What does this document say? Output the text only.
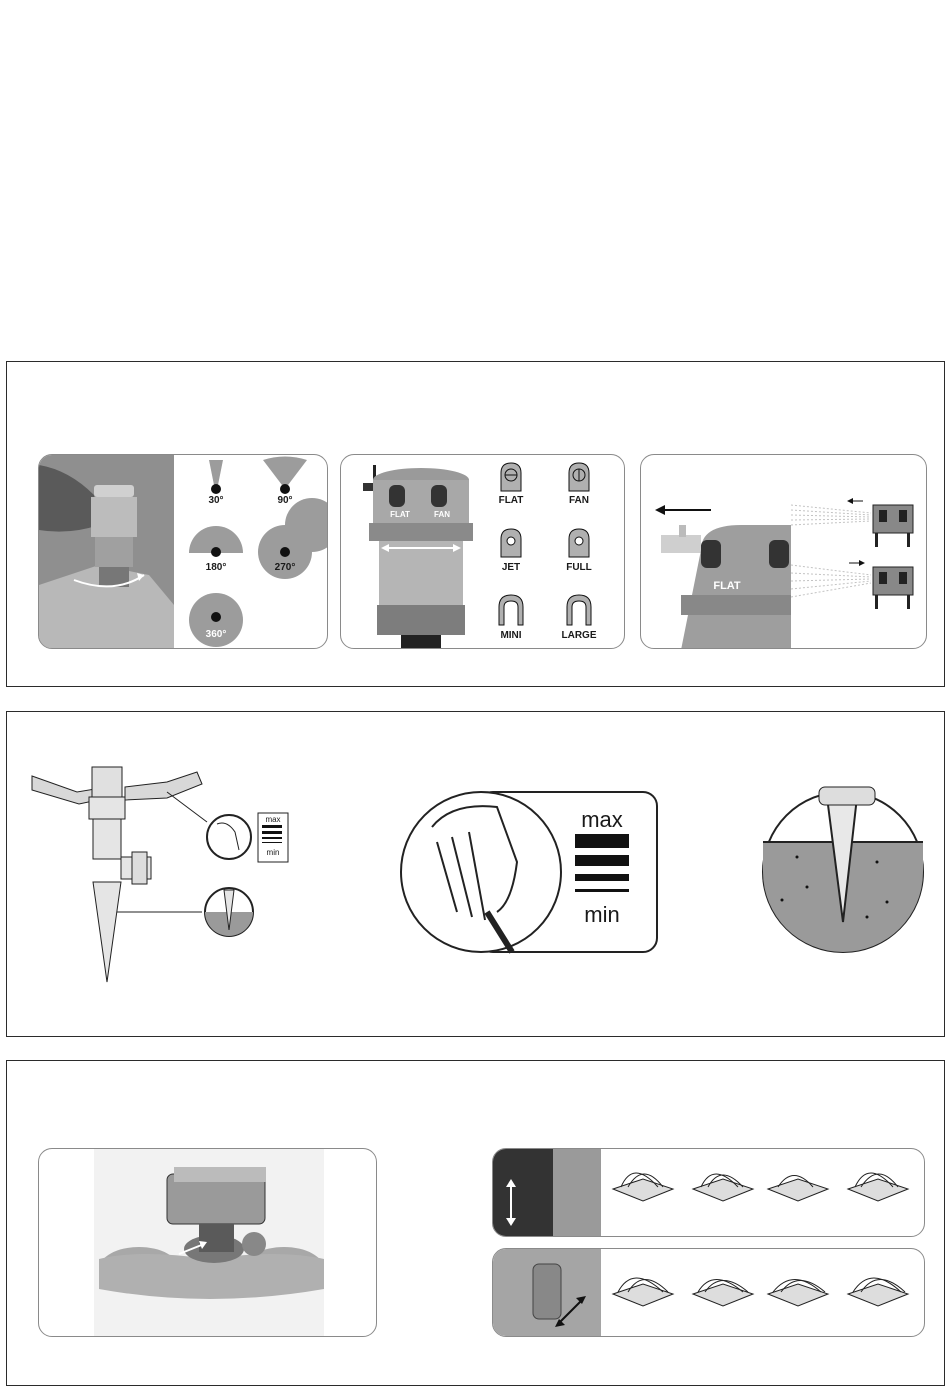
30°	90°
180°	270°
360°
FLAT	FAN
FLAT	FAN
JET	FULL
MINI	LARGE
FLAT
max
min
max
min
